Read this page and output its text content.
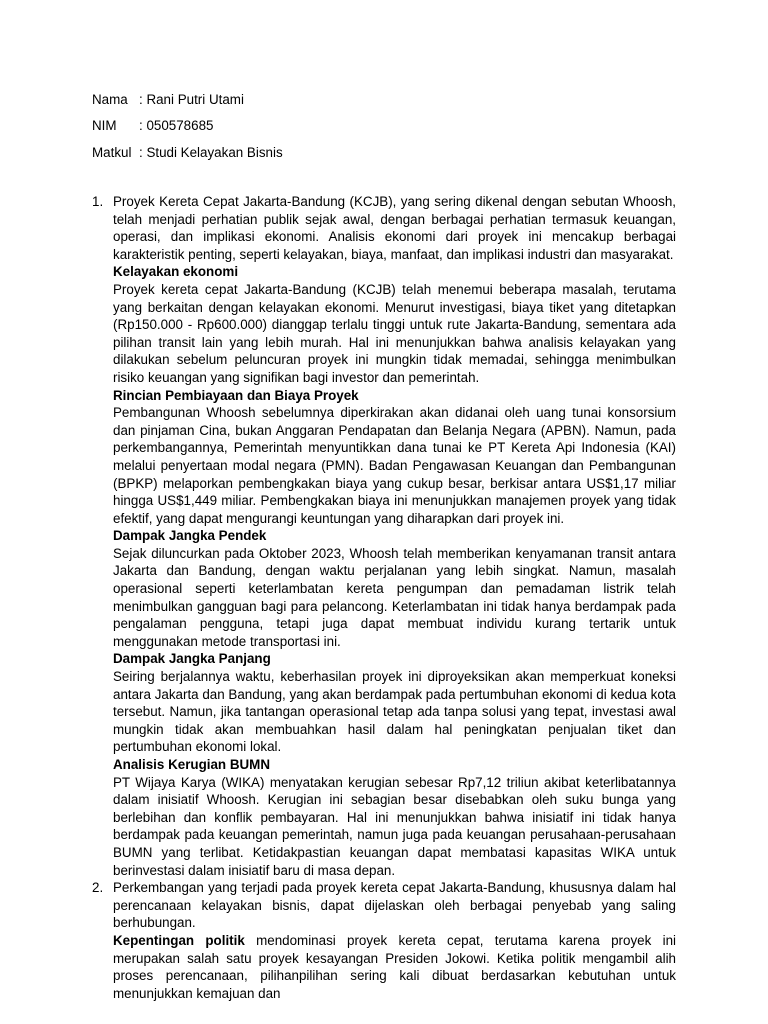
Nama : Rani Putri Utami
NIM	: 050578685
Matkul : Studi Kelayakan Bisnis
1. Proyek Kereta Cepat Jakarta-Bandung (KCJB), yang sering dikenal dengan sebutan Whoosh, telah menjadi perhatian publik sejak awal, dengan berbagai perhatian termasuk keuangan, operasi, dan implikasi ekonomi. Analisis ekonomi dari proyek ini mencakup berbagai karakteristik penting, seperti kelayakan, biaya, manfaat, dan implikasi industri dan masyarakat.

Kelayakan ekonomi

Proyek kereta cepat Jakarta-Bandung (KCJB) telah menemui beberapa masalah, terutama yang berkaitan dengan kelayakan ekonomi. Menurut investigasi, biaya tiket yang ditetapkan (Rp150.000 - Rp600.000) dianggap terlalu tinggi untuk rute Jakarta-Bandung, sementara ada pilihan transit lain yang lebih murah. Hal ini menunjukkan bahwa analisis kelayakan yang dilakukan sebelum peluncuran proyek ini mungkin tidak memadai, sehingga menimbulkan risiko keuangan yang signifikan bagi investor dan pemerintah.

Rincian Pembiayaan dan Biaya Proyek

Pembangunan Whoosh sebelumnya diperkirakan akan didanai oleh uang tunai konsorsium dan pinjaman Cina, bukan Anggaran Pendapatan dan Belanja Negara (APBN). Namun, pada perkembangannya, Pemerintah menyuntikkan dana tunai ke PT Kereta Api Indonesia (KAI) melalui penyertaan modal negara (PMN). Badan Pengawasan Keuangan dan Pembangunan (BPKP) melaporkan pembengkakan biaya yang cukup besar, berkisar antara US$1,17 miliar hingga US$1,449 miliar. Pembengkakan biaya ini menunjukkan manajemen proyek yang tidak efektif, yang dapat mengurangi keuntungan yang diharapkan dari proyek ini.

Dampak Jangka Pendek

Sejak diluncurkan pada Oktober 2023, Whoosh telah memberikan kenyamanan transit antara Jakarta dan Bandung, dengan waktu perjalanan yang lebih singkat. Namun, masalah operasional seperti keterlambatan kereta pengumpan dan pemadaman listrik telah menimbulkan gangguan bagi para pelancong. Keterlambatan ini tidak hanya berdampak pada pengalaman pengguna, tetapi juga dapat membuat individu kurang tertarik untuk menggunakan metode transportasi ini.

Dampak Jangka Panjang

Seiring berjalannya waktu, keberhasilan proyek ini diproyeksikan akan memperkuat koneksi antara Jakarta dan Bandung, yang akan berdampak pada pertumbuhan ekonomi di kedua kota tersebut. Namun, jika tantangan operasional tetap ada tanpa solusi yang tepat, investasi awal mungkin tidak akan membuahkan hasil dalam hal peningkatan penjualan tiket dan pertumbuhan ekonomi lokal.

Analisis Kerugian BUMN

PT Wijaya Karya (WIKA) menyatakan kerugian sebesar Rp7,12 triliun akibat keterlibatannya dalam inisiatif Whoosh. Kerugian ini sebagian besar disebabkan oleh suku bunga yang berlebihan dan konflik pembayaran. Hal ini menunjukkan bahwa inisiatif ini tidak hanya berdampak pada keuangan pemerintah, namun juga pada keuangan perusahaan-perusahaan BUMN yang terlibat. Ketidakpastian keuangan dapat membatasi kapasitas WIKA untuk berinvestasi dalam inisiatif baru di masa depan.

2. Perkembangan yang terjadi pada proyek kereta cepat Jakarta-Bandung, khususnya dalam hal perencanaan kelayakan bisnis, dapat dijelaskan oleh berbagai penyebab yang saling berhubungan.

Kepentingan politik mendominasi proyek kereta cepat, terutama karena proyek ini merupakan salah satu proyek kesayangan Presiden Jokowi. Ketika politik mengambil alih proses perencanaan, pilihanpilihan sering kali dibuat berdasarkan kebutuhan untuk menunjukkan kemajuan dan
